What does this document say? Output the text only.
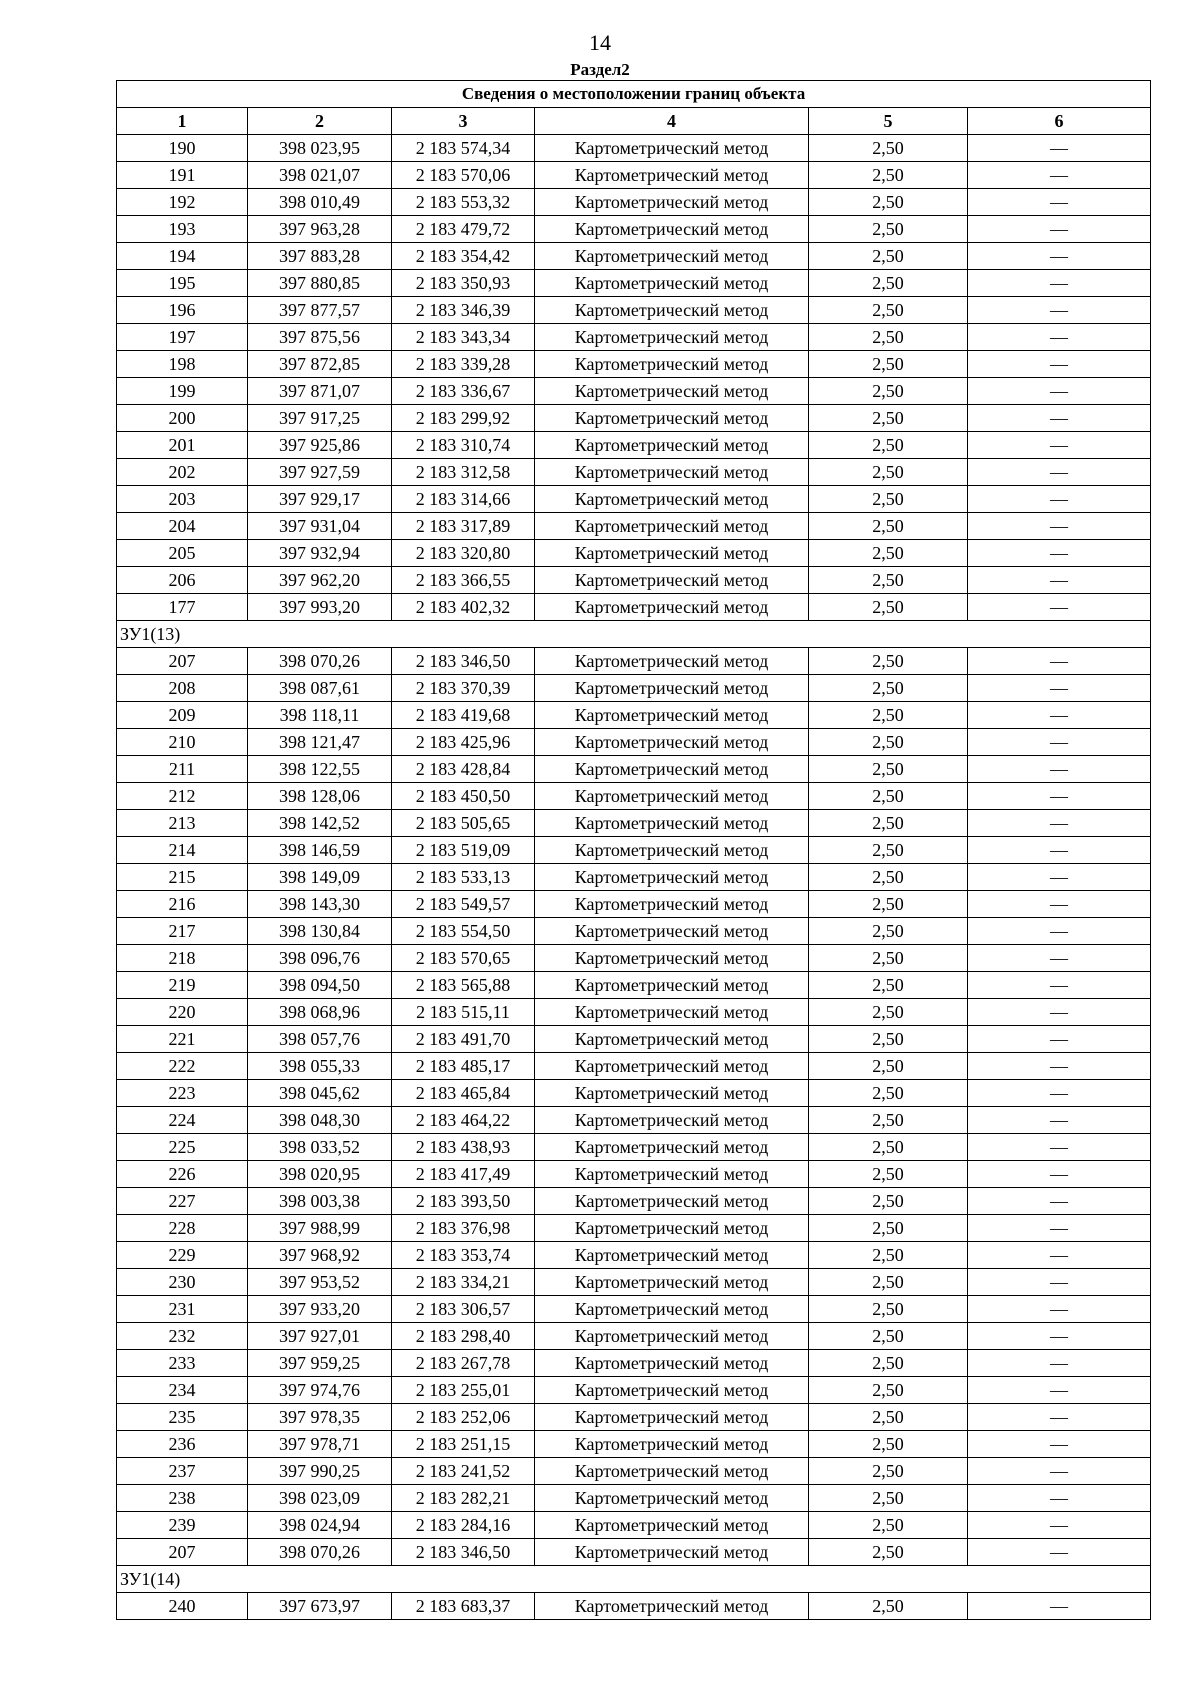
14
Раздел2
Сведения о местоположении границ объекта					
1	2	3	4	5	6
190	398 023,95	2 183 574,34	Картометрический метод	2,50	—
191	398 021,07	2 183 570,06	Картометрический метод	2,50	—
192	398 010,49	2 183 553,32	Картометрический метод	2,50	—
193	397 963,28	2 183 479,72	Картометрический метод	2,50	—
194	397 883,28	2 183 354,42	Картометрический метод	2,50	—
195	397 880,85	2 183 350,93	Картометрический метод	2,50	—
196	397 877,57	2 183 346,39	Картометрический метод	2,50	—
197	397 875,56	2 183 343,34	Картометрический метод	2,50	—
198	397 872,85	2 183 339,28	Картометрический метод	2,50	—
199	397 871,07	2 183 336,67	Картометрический метод	2,50	—
200	397 917,25	2 183 299,92	Картометрический метод	2,50	—
201	397 925,86	2 183 310,74	Картометрический метод	2,50	—
202	397 927,59	2 183 312,58	Картометрический метод	2,50	—
203	397 929,17	2 183 314,66	Картометрический метод	2,50	—
204	397 931,04	2 183 317,89	Картометрический метод	2,50	—
205	397 932,94	2 183 320,80	Картометрический метод	2,50	—
206	397 962,20	2 183 366,55	Картометрический метод	2,50	—
177	397 993,20	2 183 402,32	Картометрический метод	2,50	—
ЗУ1(13)					
207	398 070,26	2 183 346,50	Картометрический метод	2,50	—
208	398 087,61	2 183 370,39	Картометрический метод	2,50	—
209	398 118,11	2 183 419,68	Картометрический метод	2,50	—
210	398 121,47	2 183 425,96	Картометрический метод	2,50	—
211	398 122,55	2 183 428,84	Картометрический метод	2,50	—
212	398 128,06	2 183 450,50	Картометрический метод	2,50	—
213	398 142,52	2 183 505,65	Картометрический метод	2,50	—
214	398 146,59	2 183 519,09	Картометрический метод	2,50	—
215	398 149,09	2 183 533,13	Картометрический метод	2,50	—
216	398 143,30	2 183 549,57	Картометрический метод	2,50	—
217	398 130,84	2 183 554,50	Картометрический метод	2,50	—
218	398 096,76	2 183 570,65	Картометрический метод	2,50	—
219	398 094,50	2 183 565,88	Картометрический метод	2,50	—
220	398 068,96	2 183 515,11	Картометрический метод	2,50	—
221	398 057,76	2 183 491,70	Картометрический метод	2,50	—
222	398 055,33	2 183 485,17	Картометрический метод	2,50	—
223	398 045,62	2 183 465,84	Картометрический метод	2,50	—
224	398 048,30	2 183 464,22	Картометрический метод	2,50	—
225	398 033,52	2 183 438,93	Картометрический метод	2,50	—
226	398 020,95	2 183 417,49	Картометрический метод	2,50	—
227	398 003,38	2 183 393,50	Картометрический метод	2,50	—
228	397 988,99	2 183 376,98	Картометрический метод	2,50	—
229	397 968,92	2 183 353,74	Картометрический метод	2,50	—
230	397 953,52	2 183 334,21	Картометрический метод	2,50	—
231	397 933,20	2 183 306,57	Картометрический метод	2,50	—
232	397 927,01	2 183 298,40	Картометрический метод	2,50	—
233	397 959,25	2 183 267,78	Картометрический метод	2,50	—
234	397 974,76	2 183 255,01	Картометрический метод	2,50	—
235	397 978,35	2 183 252,06	Картометрический метод	2,50	—
236	397 978,71	2 183 251,15	Картометрический метод	2,50	—
237	397 990,25	2 183 241,52	Картометрический метод	2,50	—
238	398 023,09	2 183 282,21	Картометрический метод	2,50	—
239	398 024,94	2 183 284,16	Картометрический метод	2,50	—
207	398 070,26	2 183 346,50	Картометрический метод	2,50	—
ЗУ1(14)					
240	397 673,97	2 183 683,37	Картометрический метод	2,50	—
